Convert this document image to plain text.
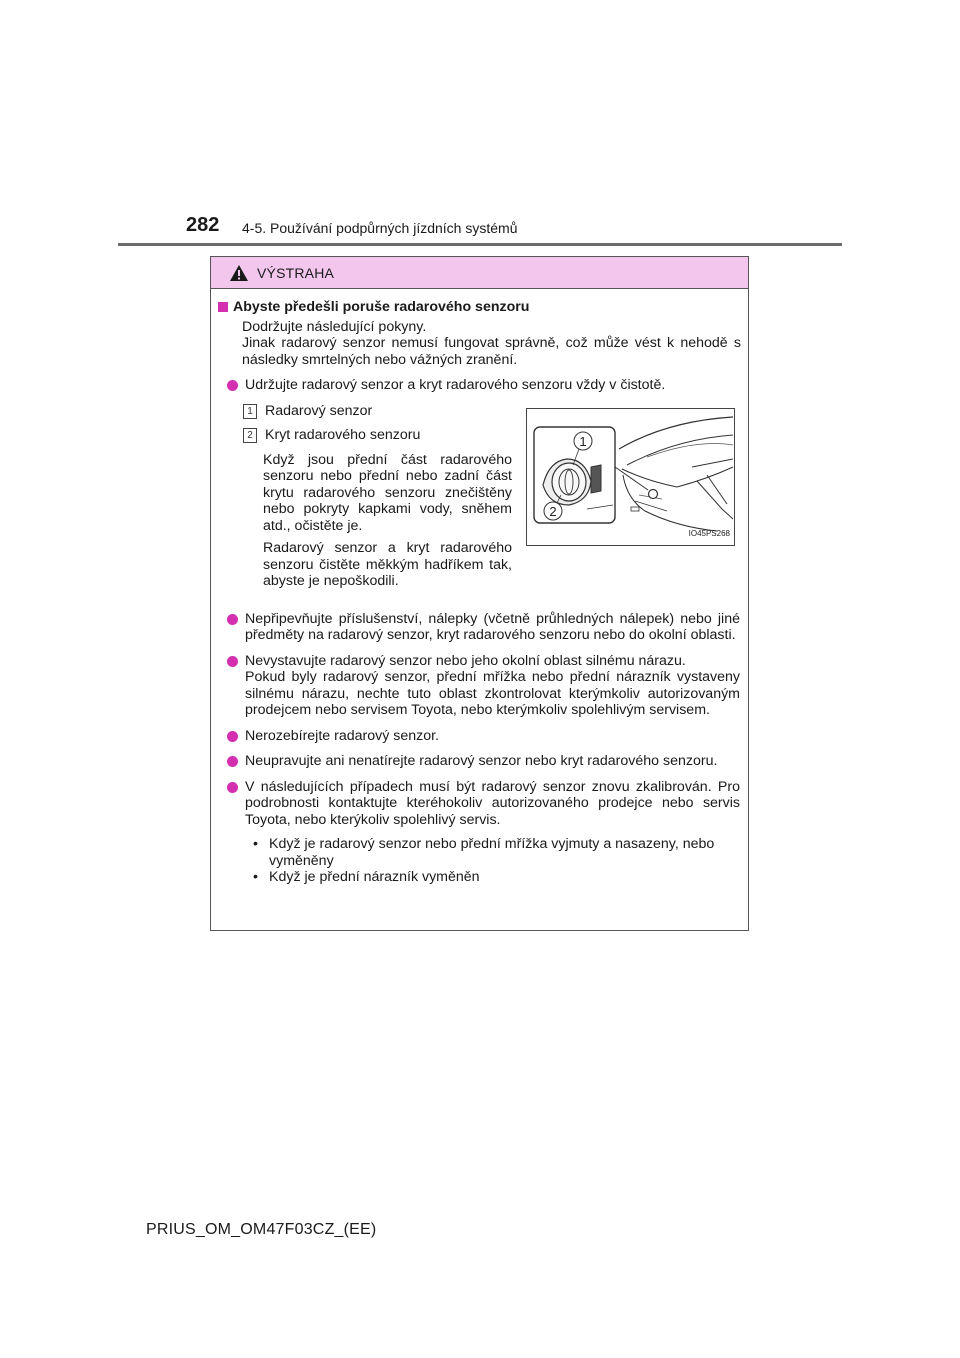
282 4-5. Používání podpůrných jízdních systémů
VÝSTRAHA
Abyste předešli poruše radarového senzoru
Dodržujte následující pokyny.
Jinak radarový senzor nemusí fungovat správně, což může vést k nehodě s následky smrtelných nebo vážných zranění.
Udržujte radarový senzor a kryt radarového senzoru vždy v čistotě.
1 Radarový senzor
2 Kryt radarového senzoru
Když jsou přední část radarového senzoru nebo přední nebo zadní část krytu radarového senzoru znečištěny nebo pokryty kapkami vody, sněhem atd., očistěte je.
Radarový senzor a kryt radarového senzoru čistěte měkkým hadříkem tak, abyste je nepoškodili.
1
2
IO45PS268
Nepřipevňujte příslušenství, nálepky (včetně průhledných nálepek) nebo jiné předměty na radarový senzor, kryt radarového senzoru nebo do okolní oblasti.
Nevystavujte radarový senzor nebo jeho okolní oblast silnému nárazu.
Pokud byly radarový senzor, přední mřížka nebo přední nárazník vystaveny silnému nárazu, nechte tuto oblast zkontrolovat kterýmkoliv autorizovaným prodejcem nebo servisem Toyota, nebo kterýmkoliv spolehlivým servisem.
Nerozebírejte radarový senzor.
Neupravujte ani nenatírejte radarový senzor nebo kryt radarového senzoru.
V následujících případech musí být radarový senzor znovu zkalibrován. Pro podrobnosti kontaktujte kteréhokoliv autorizovaného prodejce nebo servis Toyota, nebo kterýkoliv spolehlivý servis.
• Když je radarový senzor nebo přední mřížka vyjmuty a nasazeny, nebo vyměněny
• Když je přední nárazník vyměněn
PRIUS_OM_OM47F03CZ_(EE)
